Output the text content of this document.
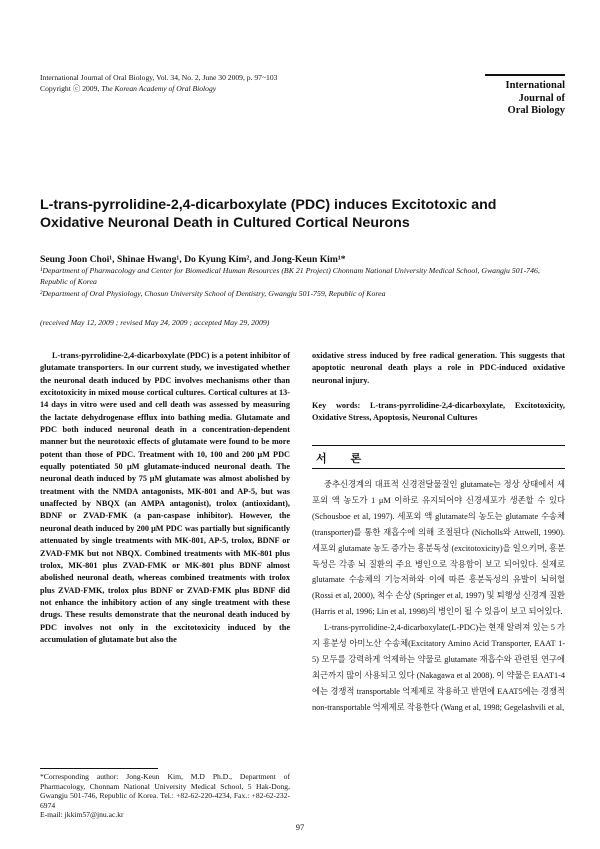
International Journal of Oral Biology, Vol. 34, No. 2, June 30 2009, p. 97~103
Copyright ⓒ 2009, The Korean Academy of Oral Biology	International
Journal of
Oral Biology
L-trans-pyrrolidine-2,4-dicarboxylate (PDC) induces Excitotoxic and
Oxidative Neuronal Death in Cultured Cortical Neurons
Seung Joon Choi¹, Shinae Hwang¹, Do Kyung Kim², and Jong-Keun Kim¹*
¹Department of Pharmacology and Center for Biomedical Human Resources (BK 21 Project) Chonnam National University Medical School, Gwangju 501-746, Republic of Korea
²Department of Oral Physiology, Chosun University School of Dentistry, Gwangju 501-759, Republic of Korea
(received May 12, 2009 ; revised May 24, 2009 ; accepted May 29, 2009)

L-trans-pyrrolidine-2,4-dicarboxylate (PDC) is a potent inhibitor of glutamate transporters. In our current study, we investigated whether the neuronal death induced by PDC involves mechanisms other than excitotoxicity in mixed mouse cortical cultures. Cortical cultures at 13-14 days in vitro were used and cell death was assessed by measuring the lactate dehydrogenase efflux into bathing media. Glutamate and PDC both induced neuronal death in a concentration-dependent manner but the neurotoxic effects of glutamate were found to be more potent than those of PDC. Treatment with 10, 100 and 200 μM PDC equally potentiated 50 μM glutamate-induced neuronal death. The neuronal death induced by 75 μM glutamate was almost abolished by treatment with the NMDA antagonists, MK-801 and AP-5, but was unaffected by NBQX (an AMPA antagonist), trolox (antioxidant), BDNF or ZVAD-FMK (a pan-caspase inhibitor). However, the neuronal death induced by 200 μM PDC was partially but significantly attenuated by single treatments with MK-801, AP-5, trolox, BDNF or ZVAD-FMK but not NBQX. Combined treatments with MK-801 plus trolox, MK-801 plus ZVAD-FMK or MK-801 plus BDNF almost abolished neuronal death, whereas combined treatments with trolox plus ZVAD-FMK, trolox plus BDNF or ZVAD-FMK plus BDNF did not enhance the inhibitory action of any single treatment with these drugs. These results demonstrate that the neuronal death induced by PDC involves not only in the excitotoxicity induced by the accumulation of glutamate but also the

oxidative stress induced by free radical generation. This suggests that apoptotic neuronal death plays a role in PDC-induced oxidative neuronal injury.

Key words: L-trans-pyrrolidine-2,4-dicarboxylate, Excitotoxicity, Oxidative Stress, Apoptosis, Neuronal Cultures

서 론

중추신경계의 대표적 신경전달물질인 glutamate는 정상 상태에서 세포외 액 농도가 1 μM 이하로 유지되어야 신경세포가 생존할 수 있다 (Schousboe et al, 1997). 세포외 액 glutamate의 농도는 glutamate 수송체 (transporter)를 통한 재흡수에 의해 조절된다 (Nicholls와 Attwell, 1990). 세포외 glutamate 농도 증가는 흥분독성 (excitotoxicity)을 일으키며, 흥분독성은 각종 뇌 질환의 주요 병인으로 작용함이 보고 되어있다. 실제로 glutamate 수송체의 기능저하와 이에 따른 흥분독성의 유발이 뇌허혈 (Rossi et al, 2000), 척수 손상 (Springer et al, 1997) 및 퇴행성 신경계 질환 (Harris et al, 1996; Lin et al, 1998)의 병인이 될 수 있음이 보고 되어있다.

L-trans-pyrrolidine-2,4-dicarboxylate(L-PDC)는 현재 알려져 있는 5 가지 흥분성 아미노산 수송체(Excitatory Amino Acid Transporter, EAAT 1-5) 모두를 강력하게 억제하는 약물로 glutamate 재흡수와 관련된 연구에 최근까지 많이 사용되고 있다 (Nakagawa et al 2008). 이 약물은 EAAT1-4에는 경쟁적 transportable 억제제로 작용하고 반면에 EAAT5에는 경쟁적 non-transportable 억제제로 작용한다 (Wang et al, 1998; Gegelashvili et al,

*Corresponding author: Jong-Keun Kim, M.D Ph.D., Department of Pharmacology, Chonnam National University Medical School, 5 Hak-Dong, Gwangju 501-746, Republic of Korea. Tel.: +82-62-220-4234, Fax.: +82-62-232-6974

E-mail: jkkim57@jnu.ac.kr

97
